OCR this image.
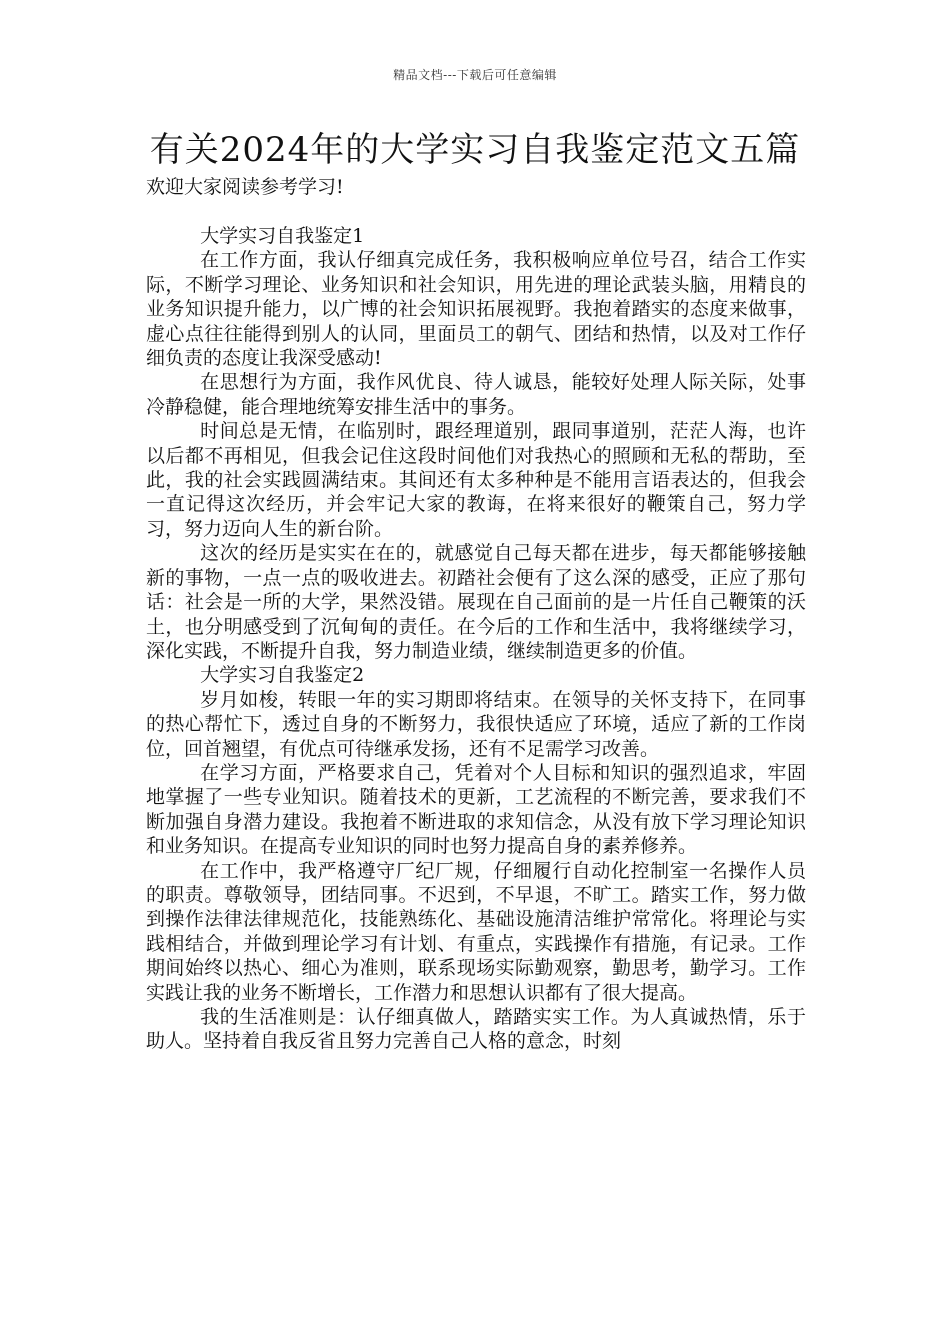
精品文档---下载后可任意编辑
有关2024年的大学实习自我鉴定范文五篇
欢迎大家阅读参考学习!

大学实习自我鉴定1

在工作方面，我认仔细真完成任务，我积极响应单位号召，结合工作实际，不断学习理论、业务知识和社会知识，用先进的理论武装头脑，用精良的业务知识提升能力，以广博的社会知识拓展视野。我抱着踏实的态度来做事，虚心点往往能得到别人的认同，里面员工的朝气、团结和热情，以及对工作仔细负责的态度让我深受感动!

在思想行为方面，我作风优良、待人诚恳，能较好处理人际关际，处事冷静稳健，能合理地统筹安排生活中的事务。

时间总是无情，在临别时，跟经理道别，跟同事道别，茫茫人海，也许以后都不再相见，但我会记住这段时间他们对我热心的照顾和无私的帮助，至此，我的社会实践圆满结束。其间还有太多种种是不能用言语表达的，但我会一直记得这次经历，并会牢记大家的教诲，在将来很好的鞭策自己，努力学习，努力迈向人生的新台阶。

这次的经历是实实在在的，就感觉自己每天都在进步，每天都能够接触新的事物，一点一点的吸收进去。初踏社会便有了这么深的感受，正应了那句话：社会是一所的大学，果然没错。展现在自己面前的是一片任自己鞭策的沃土，也分明感受到了沉甸甸的责任。在今后的工作和生活中，我将继续学习，深化实践，不断提升自我，努力制造业绩，继续制造更多的价值。

大学实习自我鉴定2

岁月如梭，转眼一年的实习期即将结束。在领导的关怀支持下，在同事的热心帮忙下，透过自身的不断努力，我很快适应了环境，适应了新的工作岗位，回首翘望，有优点可待继承发扬，还有不足需学习改善。

在学习方面，严格要求自己，凭着对个人目标和知识的强烈追求，牢固地掌握了一些专业知识。随着技术的更新，工艺流程的不断完善，要求我们不断加强自身潜力建设。我抱着不断进取的求知信念，从没有放下学习理论知识和业务知识。在提高专业知识的同时也努力提高自身的素养修养。

在工作中，我严格遵守厂纪厂规，仔细履行自动化控制室一名操作人员的职责。尊敬领导，团结同事。不迟到，不早退，不旷工。踏实工作，努力做到操作法律法律规范化，技能熟练化、基础设施清洁维护常常化。将理论与实践相结合，并做到理论学习有计划、有重点，实践操作有措施，有记录。工作期间始终以热心、细心为准则，联系现场实际勤观察，勤思考，勤学习。工作实践让我的业务不断增长，工作潜力和思想认识都有了很大提高。

我的生活准则是：认仔细真做人，踏踏实实工作。为人真诚热情，乐于助人。坚持着自我反省且努力完善自己人格的意念，时刻
